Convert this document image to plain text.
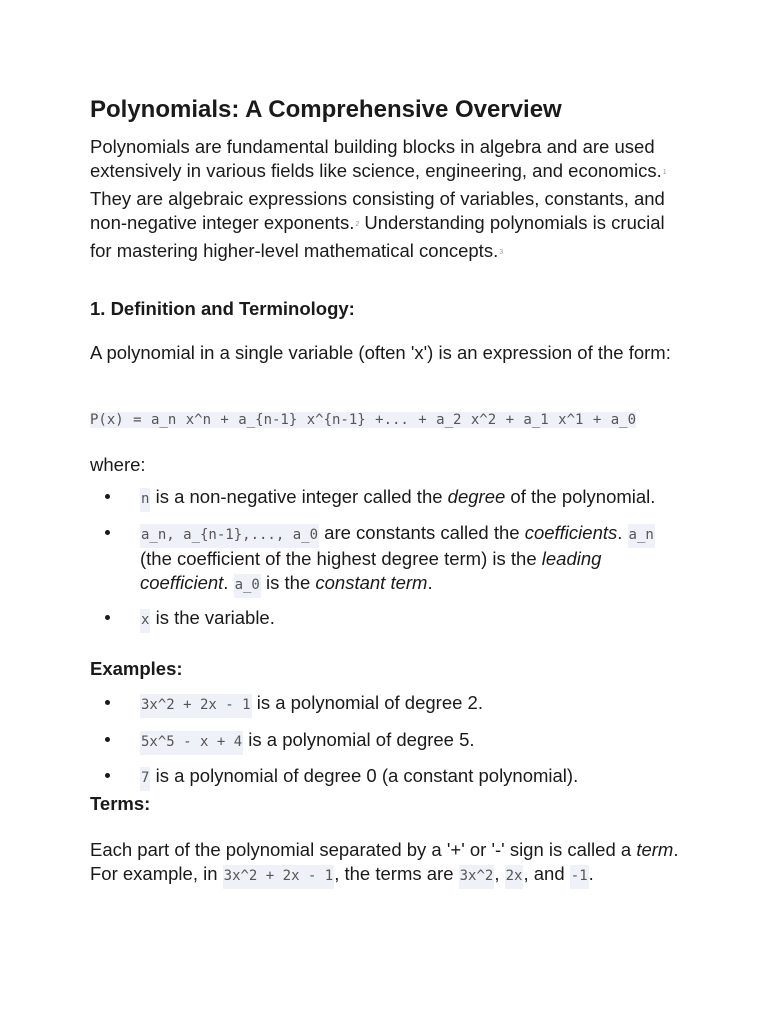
Polynomials: A Comprehensive Overview

Polynomials are fundamental building blocks in algebra and are used extensively in various fields like science, engineering, and economics.$^1$ They are algebraic expressions consisting of variables, constants, and non-negative integer exponents.$^2$ Understanding polynomials is crucial for mastering higher-level mathematical concepts.$^3$

1. Definition and Terminology:

A polynomial in a single variable (often 'x') is an expression of the form:

P(x) = a_n x^n + a_{n-1} x^{n-1} +... + a_2 x^2 + a_1 x^1 + a_0

where:

n is a non-negative integer called the degree of the polynomial.
a_n, a_{n-1},..., a_0 are constants called the coefficients. a_n (the coefficient of the highest degree term) is the leading coefficient. a_0 is the constant term.
x is the variable.
Examples:
3x^2 + 2x - 1 is a polynomial of degree 2.
5x^5 - x + 4 is a polynomial of degree 5.
7 is a polynomial of degree 0 (a constant polynomial).
Terms:

Each part of the polynomial separated by a '+' or '-' sign is called a term. For example, in 3x^2 + 2x - 1, the terms are 3x^2, 2x, and -1.
